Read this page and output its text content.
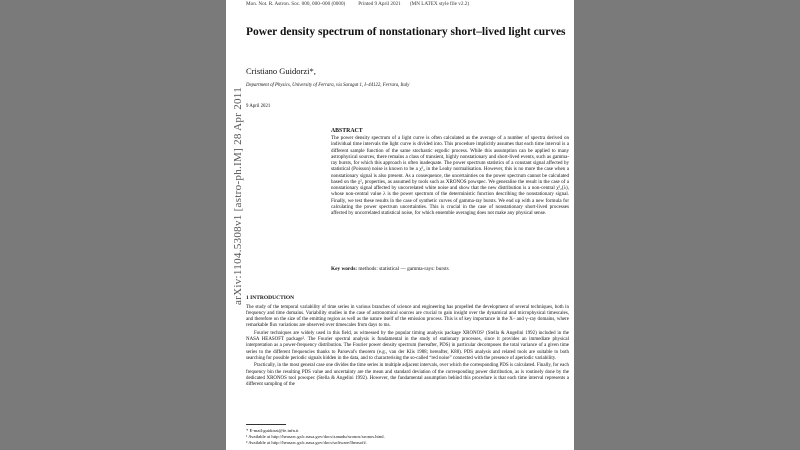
Mon. Not. R. Astron. Soc. 000, 000–000 (0000) Printed 9 April 2021 (MN LATEX style file v2.2)
Power density spectrum of nonstationary short–lived light curves
Cristiano Guidorzi*,
Department of Physics, University of Ferrara, via Saragat 1, I–44122, Ferrara, Italy
9 April 2021
arXiv:1104.5308v1 [astro-ph.IM] 28 Apr 2011	ABSTRACT
The power density spectrum of a light curve is often calculated as the average of a number of spectra derived on individual time intervals the light curve is divided into. This procedure implicitly assumes that each time interval is a different sample function of the same stochastic ergodic process. While this assumption can be applied to many astrophysical sources, there remains a class of transient, highly nonstationary and short-lived events, such as gamma-ray bursts, for which this approach is often inadequate. The power spectrum statistics of a constant signal affected by statistical (Poisson) noise is known to be a χ²₂ in the Leahy normalisation. However, this is no more the case when a nonstationary signal is also present. As a consequence, the uncertainties on the power spectrum cannot be calculated based on the χ²₂ properties, as assumed by tools such as XRONOS powspec. We generalise the result in the case of a nonstationary signal affected by uncorrelated white noise and show that the new distribution is a non-central χ²₂(λ), whose non-central value λ is the power spectrum of the deterministic function describing the nonstationary signal. Finally, we test these results in the case of synthetic curves of gamma-ray bursts. We end up with a new formula for calculating the power spectrum uncertainties. This is crucial in the case of nonstationary short-lived processes affected by uncorrelated statistical noise, for which ensemble averaging does not make any physical sense.
Key words: methods: statistical — gamma-rays: bursts
1 INTRODUCTION

The study of the temporal variability of time series in various branches of science and engineering has propelled the development of several techniques, both in frequency and time domains. Variability studies in the case of astronomical sources are crucial to gain insight over the dynamical and microphysical timescales, and therefore on the size of the emitting region as well as the nature itself of the emission process. This is of key importance in the X– and γ–ray domains, where remarkable flux variations are observed over timescales from days to ms.

Fourier techniques are widely used in this field, as witnessed by the popular timing analysis package XRONOS¹ (Stella & Angelini 1992) included in the NASA HEASOFT package². The Fourier spectral analysis is fundamental in the study of stationary processes, since it provides an immediate physical interpretation as a power-frequency distribution. The Fourier power density spectrum (hereafter, PDS) in particular decomposes the total variance of a given time series to the different frequencies thanks to Parseval's theorem (e.g., van der Klis 1988; hereafter, K88). PDS analysis and related tools are suitable to both searching for possible periodic signals hidden in the data, and to characterising the so-called “red noise” connected with the presence of aperiodic variability.

Practically, in the most general case one divides the time series in multiple adjacent intervals, over which the corresponding PDS is calculated. Finally, for each frequency bin the resulting PDS value and uncertainty are the mean and standard deviation of the corresponding power distribution, as is routinely done by the dedicated XRONOS tool powspec (Stella & Angelini 1992). However, the fundamental assumption behind this procedure is that each time interval represents a different sampling of the

* E-mail:guidorzi@fe.infn.it
¹ Available at http://heasarc.gsfc.nasa.gov/docs/xanadu/xronos/xronos.html.
² Available at http://heasarc.gsfc.nasa.gov/docs/software/lheasoft/.
